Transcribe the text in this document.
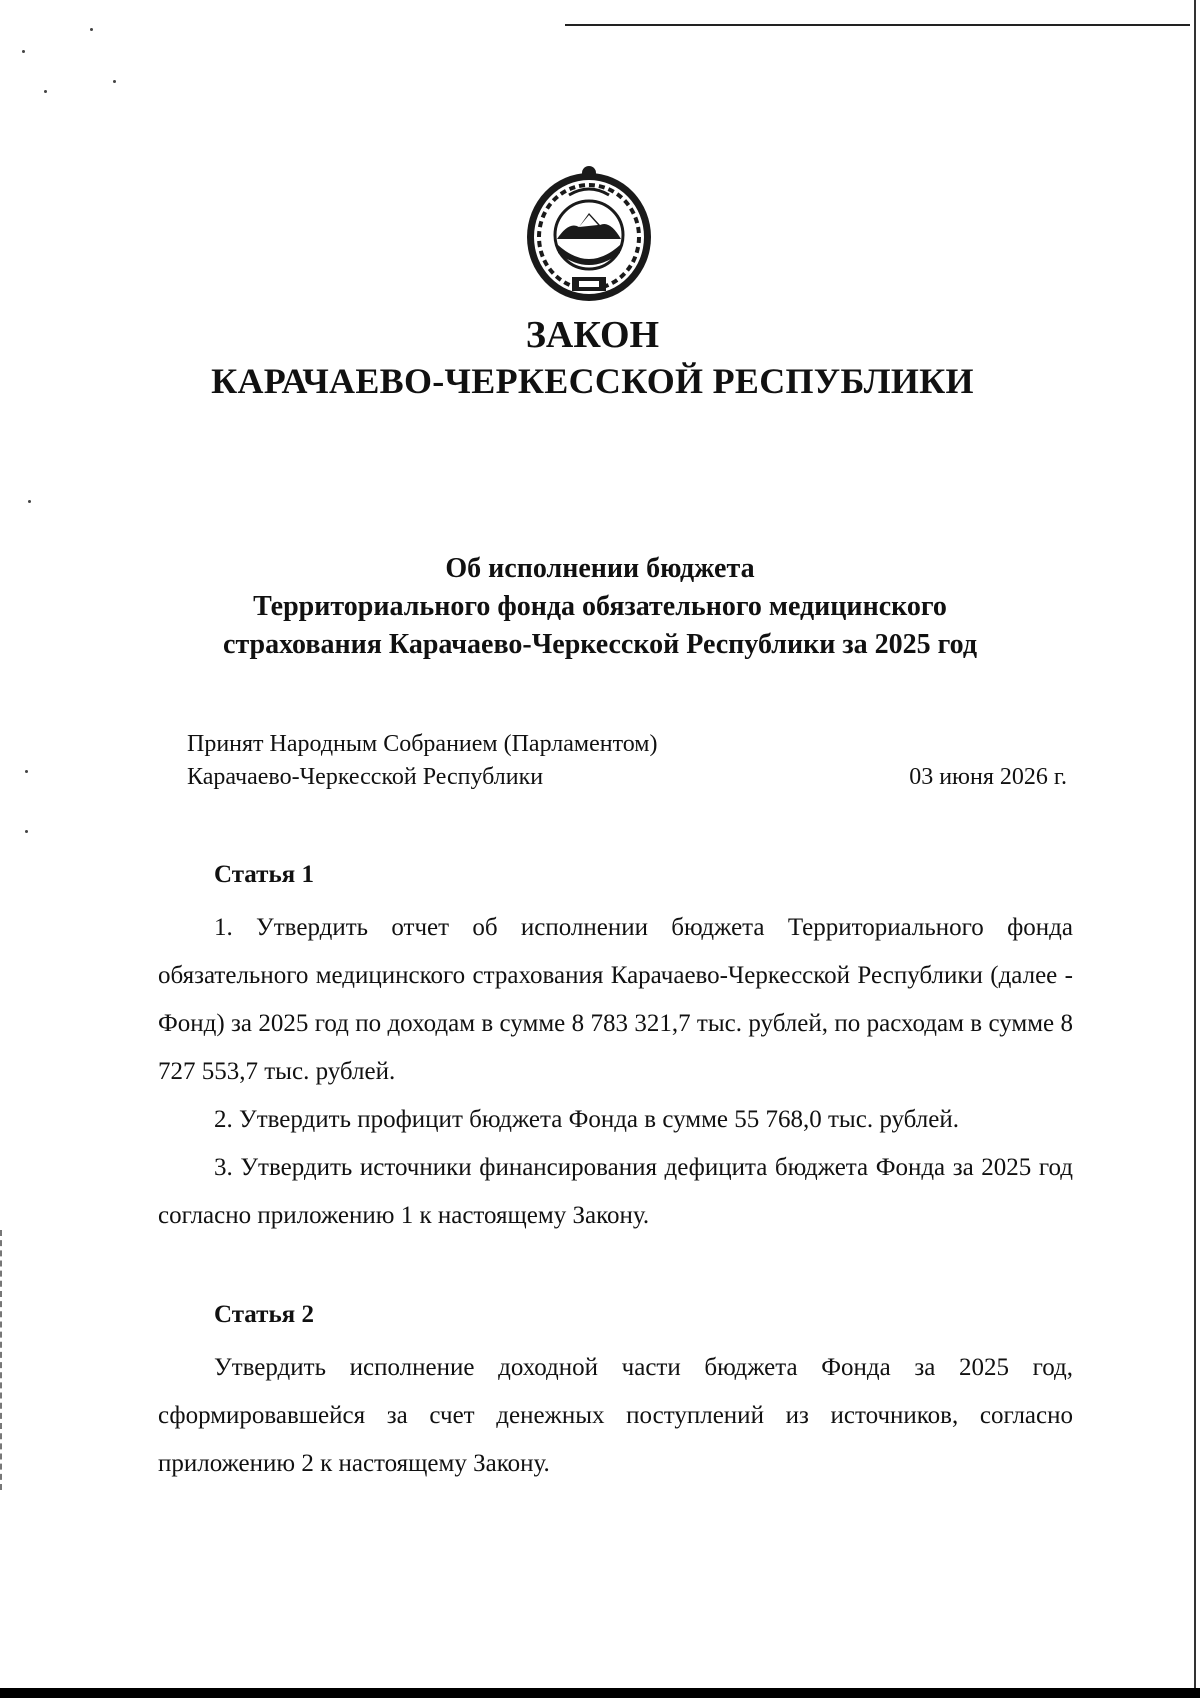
ЗАКОН
КАРАЧАЕВО-ЧЕРКЕССКОЙ РЕСПУБЛИКИ
Об исполнении бюджета
Территориального фонда обязательного медицинского
страхования Карачаево-Черкесской Республики за 2025 год
Принят Народным Собранием (Парламентом)
Карачаево-Черкесской Республики	03 июня 2026 г.
Статья 1

1. Утвердить отчет об исполнении бюджета Территориального фонда обязательного медицинского страхования Карачаево-Черкесской Республики (далее - Фонд) за 2025 год по доходам в сумме 8 783 321,7 тыс. рублей, по расходам в сумме 8 727 553,7 тыс. рублей.

2. Утвердить профицит бюджета Фонда в сумме 55 768,0 тыс. рублей.

3. Утвердить источники финансирования дефицита бюджета Фонда за 2025 год согласно приложению 1 к настоящему Закону.

Статья 2

Утвердить исполнение доходной части бюджета Фонда за 2025 год, сформировавшейся за счет денежных поступлений из источников, согласно приложению 2 к настоящему Закону.
